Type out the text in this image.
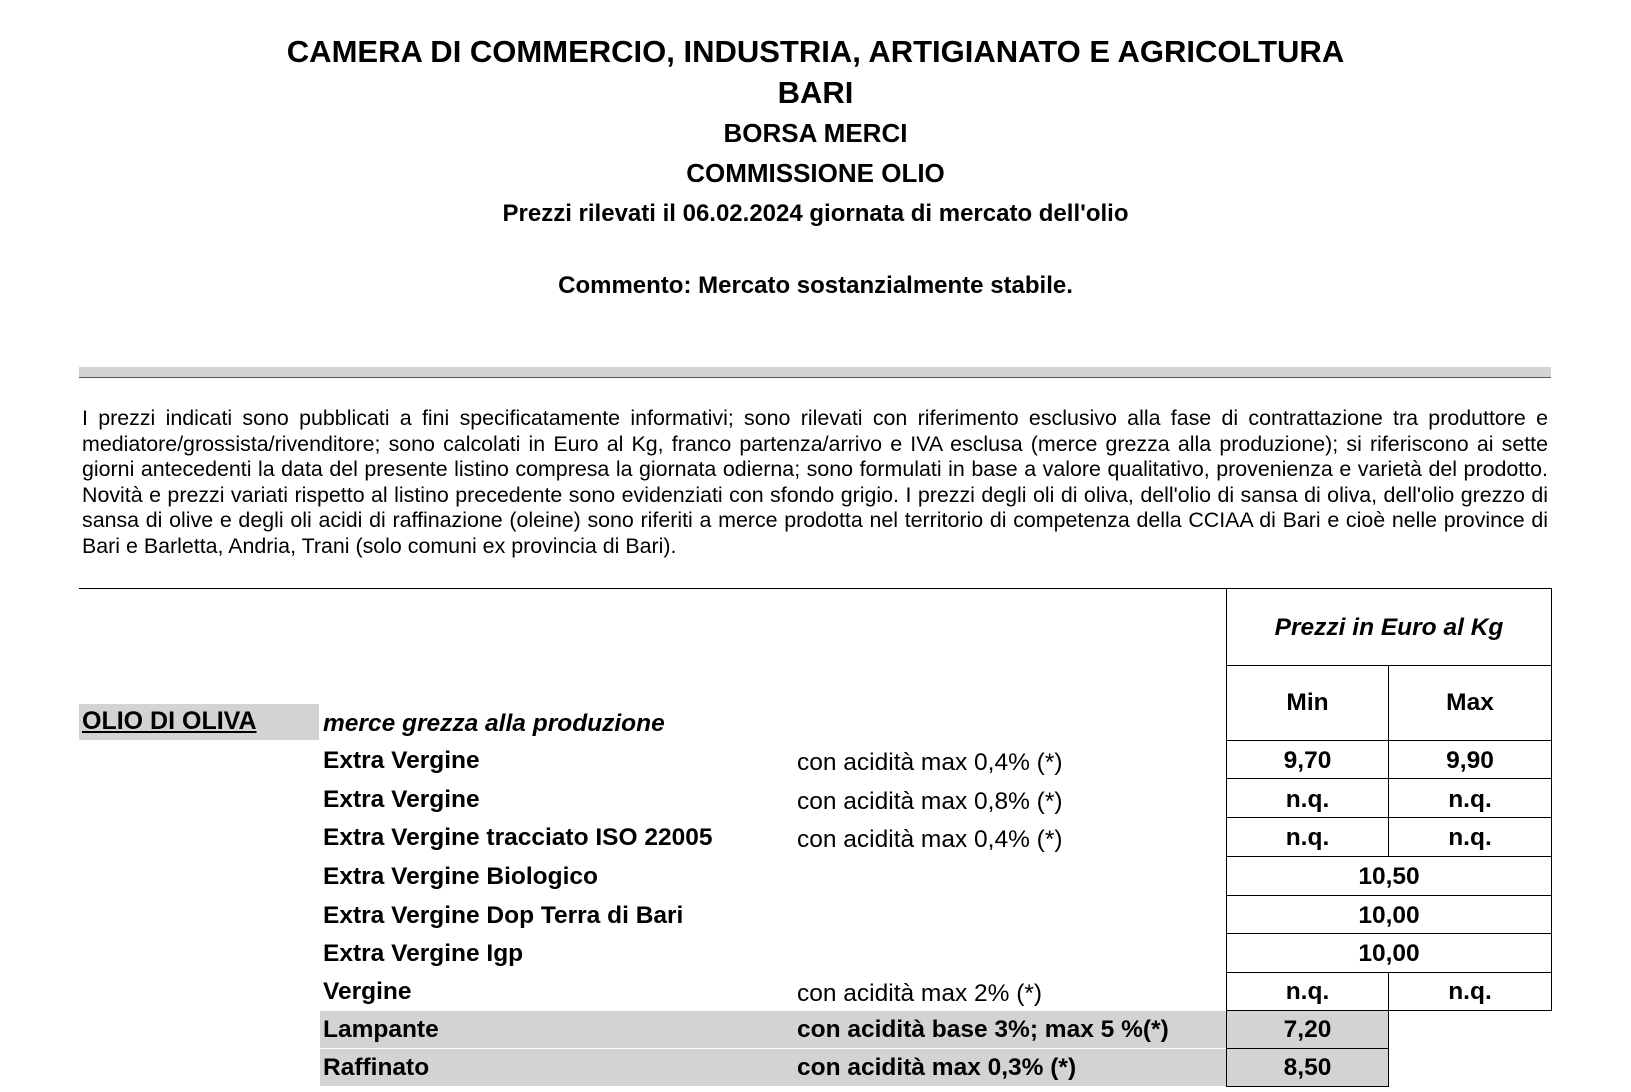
CAMERA DI COMMERCIO, INDUSTRIA, ARTIGIANATO E AGRICOLTURA
BARI
BORSA MERCI
COMMISSIONE OLIO
Prezzi rilevati il 06.02.2024 giornata di mercato dell'olio
Commento: Mercato sostanzialmente stabile.
I prezzi indicati sono pubblicati a fini specificatamente informativi; sono rilevati con riferimento esclusivo alla fase di contrattazione tra produttore e mediatore/grossista/rivenditore; sono calcolati in Euro al Kg, franco partenza/arrivo e IVA esclusa (merce grezza alla produzione); si riferiscono ai sette giorni antecedenti la data del presente listino compresa la giornata odierna; sono formulati in base a valore qualitativo, provenienza e varietà del prodotto. Novità e prezzi variati rispetto al listino precedente sono evidenziati con sfondo grigio. I prezzi degli oli di oliva, dell'olio di sansa di oliva, dell'olio grezzo di sansa di olive e degli oli acidi di raffinazione (oleine) sono riferiti a merce prodotta nel territorio di competenza della CCIAA di Bari e cioè nelle province di Bari e Barletta, Andria, Trani (solo comuni ex provincia di Bari).
Prezzi in Euro al Kg
Min	Max
OLIO DI OLIVA	merce grezza alla produzione
Extra Vergine	con acidità max 0,4% (*)	9,70	9,90
Extra Vergine	con acidità max 0,8% (*)	n.q.	n.q.
Extra Vergine tracciato ISO 22005	con acidità max 0,4% (*)	n.q.	n.q.
Extra Vergine Biologico	10,50
Extra Vergine Dop Terra di Bari	10,00
Extra Vergine Igp	10,00
Vergine	con acidità max 2% (*)	n.q.	n.q.
Lampante	con acidità base 3%; max 5 %(*)	7,20
Raffinato	con acidità max 0,3% (*)	8,50
